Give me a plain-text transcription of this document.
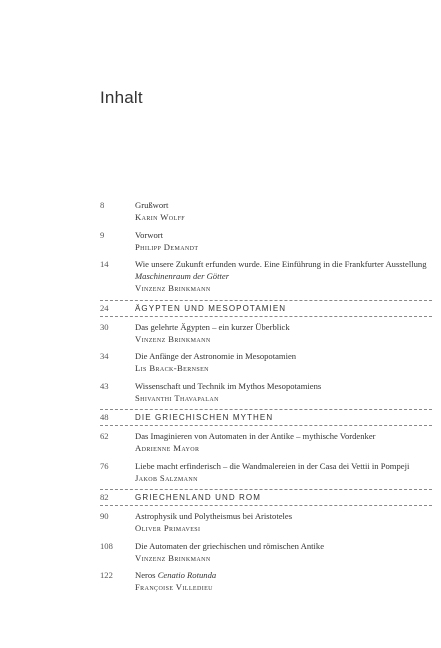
Inhalt
8	Grußwort
Karin Wolff
9	Vorwort
Philipp Demandt
14	Wie unsere Zukunft erfunden wurde. Eine Einführung in die Frankfurter Ausstellung Maschinenraum der Götter
Vinzenz Brinkmann
24	ÄGYPTEN UND MESOPOTAMIEN
30	Das gelehrte Ägypten – ein kurzer Überblick
Vinzenz Brinkmann
34	Die Anfänge der Astronomie in Mesopotamien
Lis Brack-Bernsen
43	Wissenschaft und Technik im Mythos Mesopotamiens
Shivanthi Thavapalan
48	DIE GRIECHISCHEN MYTHEN
62	Das Imaginieren von Automaten in der Antike – mythische Vordenker
Adrienne Mayor
76	Liebe macht erfinderisch – die Wandmalereien in der Casa dei Vettii in Pompeji
Jakob Salzmann
82	GRIECHENLAND UND ROM
90	Astrophysik und Polytheismus bei Aristoteles
Oliver Primavesi
108	Die Automaten der griechischen und römischen Antike
Vinzenz Brinkmann
122	Neros Cenatio Rotunda
Françoise Villedieu
